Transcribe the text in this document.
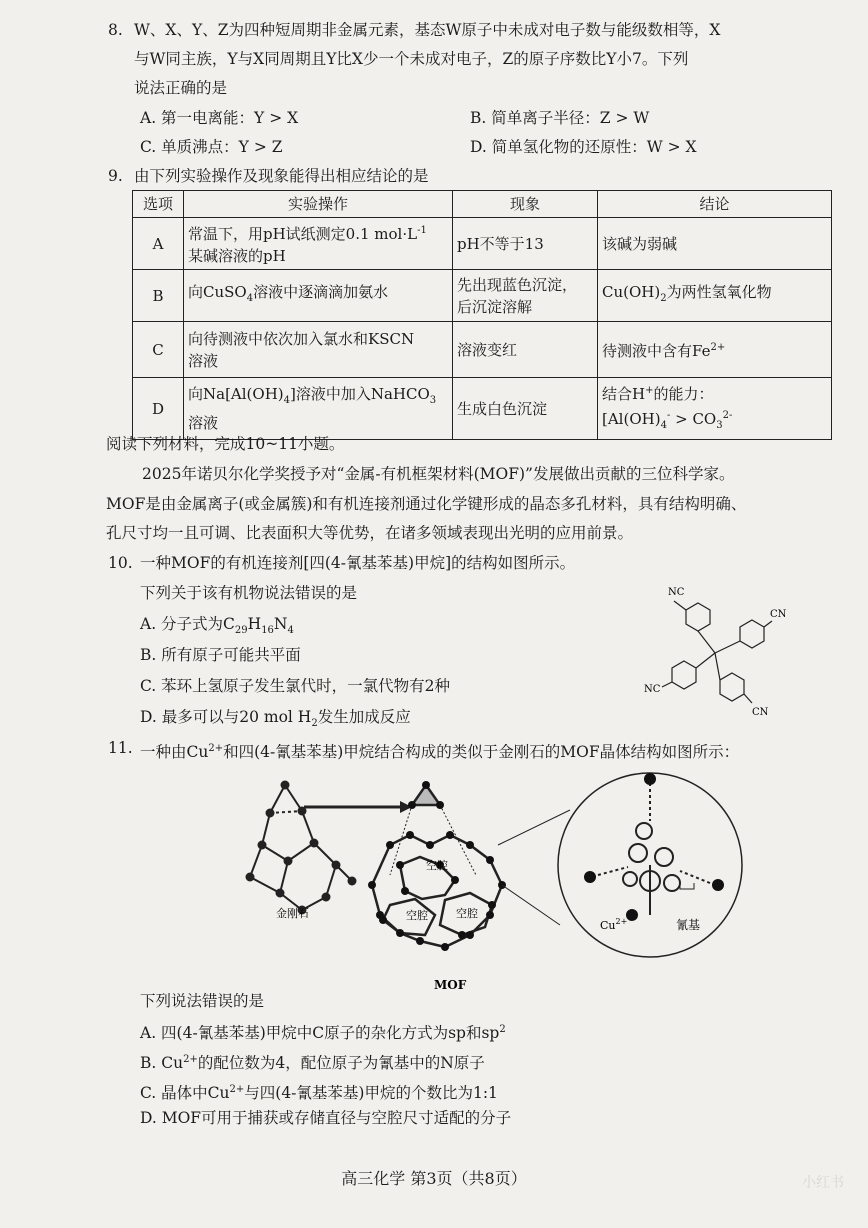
8. W、X、Y、Z为四种短周期非金属元素，基态W原子中未成对电子数与能级数相等，X
与W同主族，Y与X同周期且Y比X少一个未成对电子，Z的原子序数比Y小7。下列
说法正确的是
A. 第一电离能：Y > X	B. 简单离子半径：Z > W
C. 单质沸点：Y > Z	D. 简单氢化物的还原性：W > X
9. 由下列实验操作及现象能得出相应结论的是
选项	实验操作	现象	结论
A	常温下，用pH试纸测定0.1 $mol\cdot L^{-1}$
某碱溶液的pH	pH不等于13	该碱为弱碱
B	向CuSO$_4$溶液中逐滴滴加氨水	先出现蓝色沉淀，
后沉淀溶解	$Cu(OH)_2$为两性氢氧化物
C	向待测液中依次加入氯水和KSCN
溶液	溶液变红	待测液中含有$Fe^{2+}$
D	向$Na[Al(OH)_4]$溶液中加入NaHCO$_3$
溶液	生成白色沉淀	结合H+的能力：
[$Al(OH)_4^- > CO_3^{2-}$
阅读下列材料，完成10~11小题。
2025年诺贝尔化学奖授予对“金属-有机框架材料(MOF)”发展做出贡献的三位科学家。
MOF是由金属离子(或金属簇)和有机连接剂通过化学键形成的晶态多孔材料，具有结构明确、
孔尺寸均一且可调、比表面积大等优势，在诸多领域表现出光明的应用前景。
10. 一种MOF的有机连接剂[四(4-氰基苯基)甲烷]的结构如图所示。
下列关于该有机物说法错误的是
A. 分子式为$C_{29}H_{16}N_4$
B. 所有原子可能共平面
C. 苯环上氢原子发生氯代时，一氯代物有2种
D. 最多可以与20 mol $H_2$发生加成反应
NC
CN
NC
CN
11. 一种由$Cu^{2+}$和四(4-氰基苯基)甲烷结合构成的类似于金刚石的MOF晶体结构如图所示：
金刚石
空腔
空腔	空腔
MOF
$Cu^{2+}$	氰基
下列说法错误的是
A. 四(4-氰基苯基)甲烷中C原子的杂化方式为sp和$sp^2$
B. $Cu^{2+}$的配位数为4，配位原子为氰基中的N原子
C. 晶体中$Cu^{2+}$与四(4-氰基苯基)甲烷的个数比为1:1
D. MOF可用于捕获或存储直径与空腔尺寸适配的分子
高三化学 第3页（共8页）	小红书
